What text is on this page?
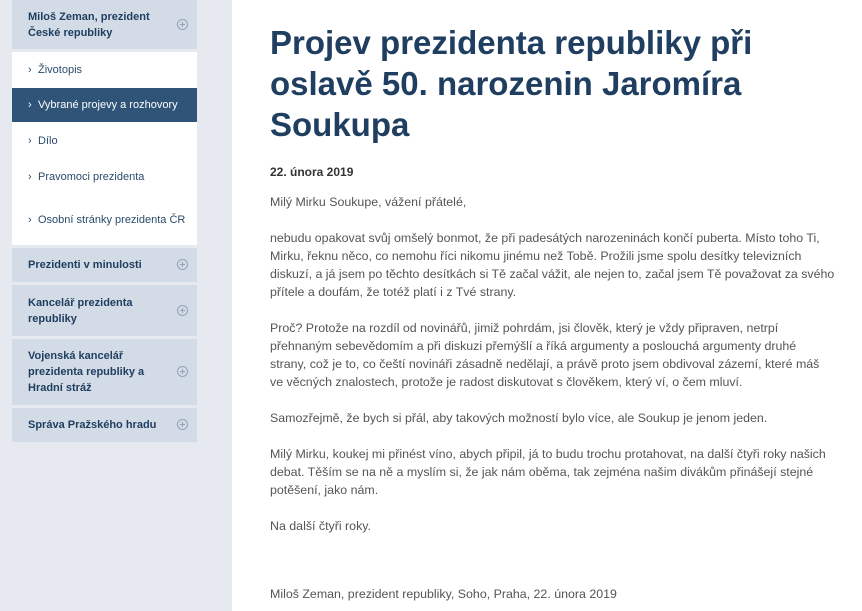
Miloš Zeman, prezident České republiky
› Životopis
› Vybrané projevy a rozhovory
› Dílo
› Pravomoci prezidenta
› Osobní stránky prezidenta ČR
Prezidenti v minulosti
Kancelář prezidenta republiky
Vojenská kancelář prezidenta republiky a Hradní stráž
Správa Pražského hradu
Projev prezidenta republiky při oslavě 50. narozenin Jaromíra Soukupa
22. února 2019

Milý Mirku Soukupe, vážení přátelé,

nebudu opakovat svůj omšelý bonmot, že při padesátých narozeninách končí puberta. Místo toho Ti, Mirku, řeknu něco, co nemohu říci nikomu jinému než Tobě. Prožili jsme spolu desítky televizních diskuzí, a já jsem po těchto desítkách si Tě začal vážit, ale nejen to, začal jsem Tě považovat za svého přítele a doufám, že totéž platí i z Tvé strany.

Proč? Protože na rozdíl od novinářů, jimiž pohrdám, jsi člověk, který je vždy připraven, netrpí přehnaným sebevědomím a při diskuzi přemýšlí a říká argumenty a poslouchá argumenty druhé strany, což je to, co čeští novináři zásadně nedělají, a právě proto jsem obdivoval zázemí, které máš ve věcných znalostech, protože je radost diskutovat s člověkem, který ví, o čem mluví.

Samozřejmě, že bych si přál, aby takových možností bylo více, ale Soukup je jenom jeden.

Milý Mirku, koukej mi přinést víno, abych připil, já to budu trochu protahovat, na další čtyři roky našich debat. Těším se na ně a myslím si, že jak nám oběma, tak zejména našim divákům přinášejí stejné potěšení, jako nám.

Na další čtyři roky.

Miloš Zeman, prezident republiky, Soho, Praha, 22. února 2019
